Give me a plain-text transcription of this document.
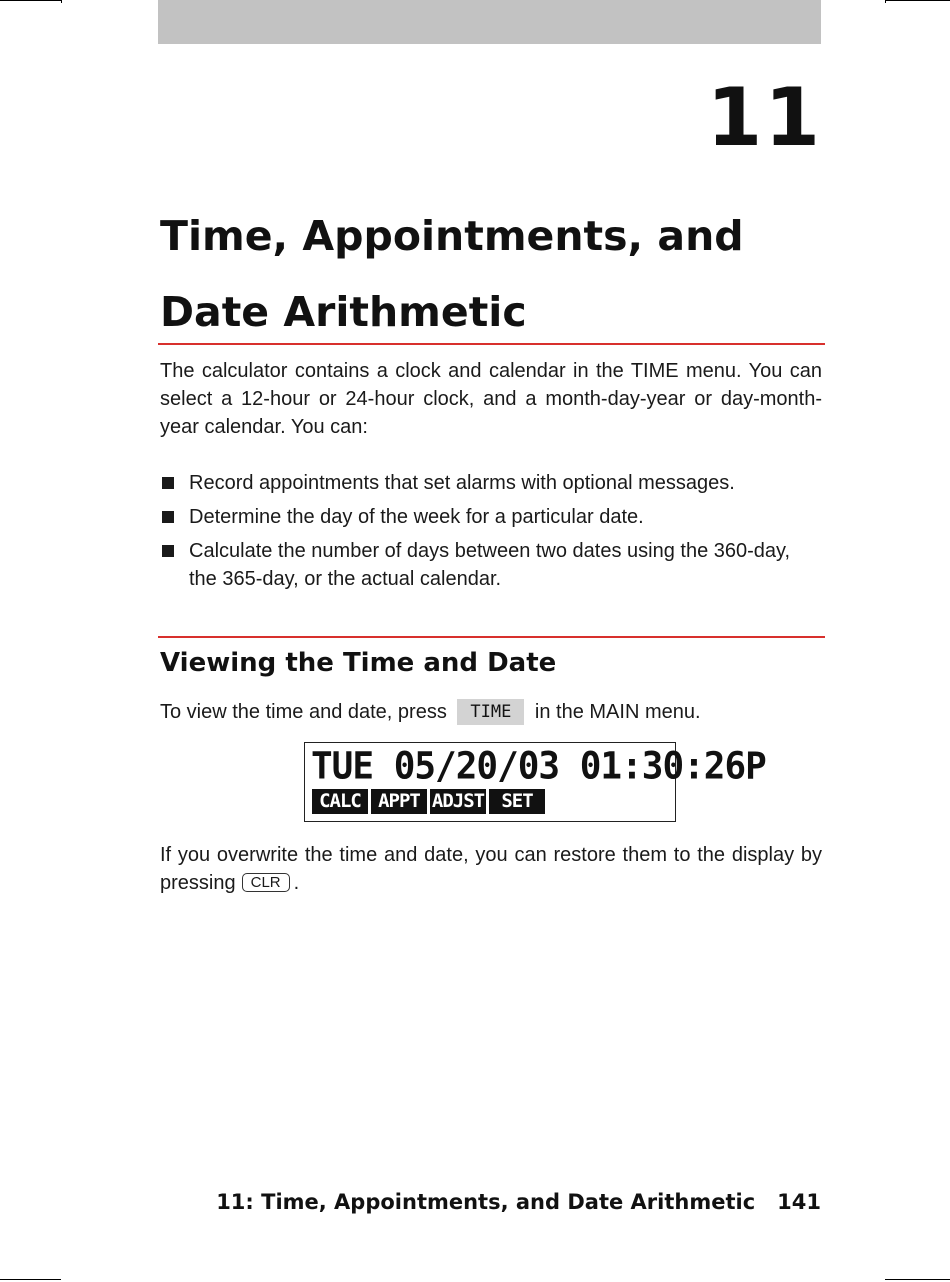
11
Time, Appointments, and
Date Arithmetic

The calculator contains a clock and calendar in the TIME menu. You can select a 12-hour or 24-hour clock, and a month-day-year or day-month-year calendar. You can:

Record appointments that set alarms with optional messages.
Determine the day of the week for a particular date.
Calculate the number of days between two dates using the 360-day, the 365-day, or the actual calendar.
Viewing the Time and Date

To view the time and date, press TIME in the MAIN menu.

TUE 05/20/03 01:30:26P
CALC APPT ADJST SET

If you overwrite the time and date, you can restore them to the display by pressing CLR .

11: Time, Appointments, and Date Arithmetic 141
